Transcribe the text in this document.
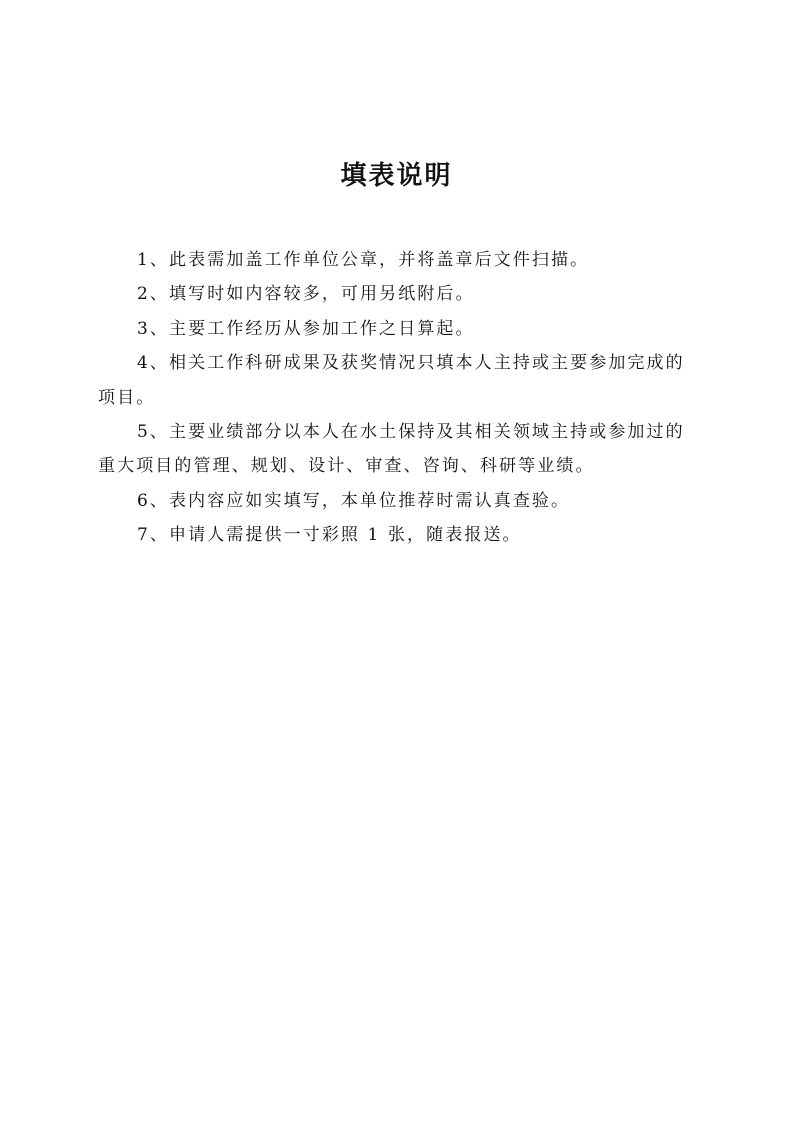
填表说明
1、此表需加盖工作单位公章，并将盖章后文件扫描。
2、填写时如内容较多，可用另纸附后。
3、主要工作经历从参加工作之日算起。
4、相关工作科研成果及获奖情况只填本人主持或主要参加完成的项目。
5、主要业绩部分以本人在水土保持及其相关领域主持或参加过的重大项目的管理、规划、设计、审查、咨询、科研等业绩。
6、表内容应如实填写，本单位推荐时需认真查验。
7、申请人需提供一寸彩照 1 张，随表报送。
